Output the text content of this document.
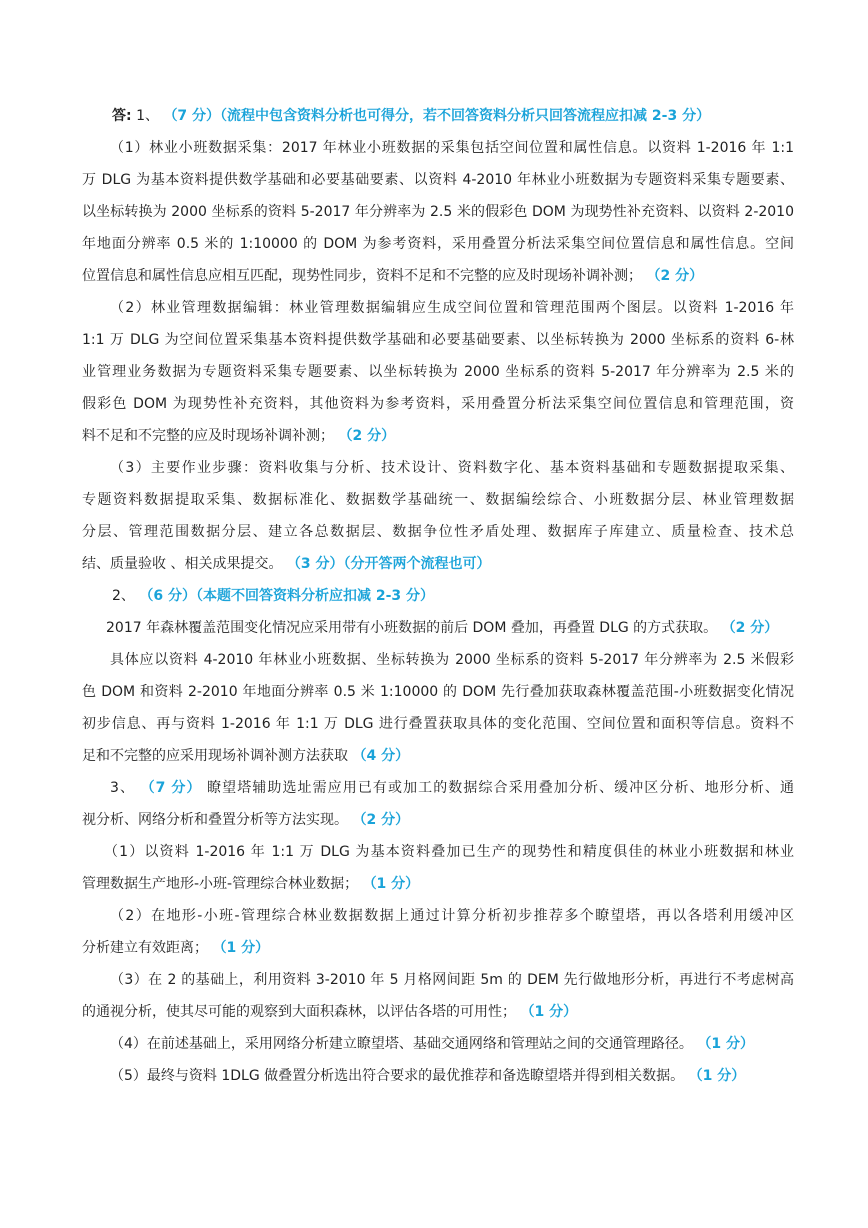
答: 1、 （7 分）（流程中包含资料分析也可得分，若不回答资料分析只回答流程应扣减 2-3 分）
（1）林业小班数据采集：2017 年林业小班数据的采集包括空间位置和属性信息。以资料 1-2016 年 1:1
万 DLG 为基本资料提供数学基础和必要基础要素、以资料 4-2010 年林业小班数据为专题资料采集专题要素、
以坐标转换为 2000 坐标系的资料 5-2017 年分辨率为 2.5 米的假彩色 DOM 为现势性补充资料、以资料 2-2010
年地面分辨率 0.5 米的 1:10000 的 DOM 为参考资料，采用叠置分析法采集空间位置信息和属性信息。空间
位置信息和属性信息应相互匹配，现势性同步，资料不足和不完整的应及时现场补调补测； （2 分）
（2）林业管理数据编辑：林业管理数据编辑应生成空间位置和管理范围两个图层。以资料 1-2016 年
1:1 万 DLG 为空间位置采集基本资料提供数学基础和必要基础要素、以坐标转换为 2000 坐标系的资料 6-林
业管理业务数据为专题资料采集专题要素、以坐标转换为 2000 坐标系的资料 5-2017 年分辨率为 2.5 米的
假彩色 DOM 为现势性补充资料，其他资料为参考资料，采用叠置分析法采集空间位置信息和管理范围，资
料不足和不完整的应及时现场补调补测； （2 分）
（3）主要作业步骤：资料收集与分析、技术设计、资料数字化、基本资料基础和专题数据提取采集、
专题资料数据提取采集、数据标准化、数据数学基础统一、数据编绘综合、小班数据分层、林业管理数据
分层、管理范围数据分层、建立各总数据层、数据争位性矛盾处理、数据库子库建立、质量检查、技术总
结、质量验收 、相关成果提交。 （3 分）（分开答两个流程也可）
2、 （6 分）（本题不回答资料分析应扣减 2-3 分）
2017 年森林覆盖范围变化情况应采用带有小班数据的前后 DOM 叠加，再叠置 DLG 的方式获取。 （2 分）
具体应以资料 4-2010 年林业小班数据、坐标转换为 2000 坐标系的资料 5-2017 年分辨率为 2.5 米假彩
色 DOM 和资料 2-2010 年地面分辨率 0.5 米 1:10000 的 DOM 先行叠加获取森林覆盖范围-小班数据变化情况
初步信息、再与资料 1-2016 年 1:1 万 DLG 进行叠置获取具体的变化范围、空间位置和面积等信息。资料不
足和不完整的应采用现场补调补测方法获取 （4 分）
3、 （7 分） 瞭望塔辅助选址需应用已有或加工的数据综合采用叠加分析、缓冲区分析、地形分析、通
视分析、网络分析和叠置分析等方法实现。 （2 分）
（1）以资料 1-2016 年 1:1 万 DLG 为基本资料叠加已生产的现势性和精度俱佳的林业小班数据和林业
管理数据生产地形-小班-管理综合林业数据； （1 分）
（2）在地形-小班-管理综合林业数据数据上通过计算分析初步推荐多个瞭望塔，再以各塔利用缓冲区
分析建立有效距离； （1 分）
（3）在 2 的基础上，利用资料 3-2010 年 5 月格网间距 5m 的 DEM 先行做地形分析，再进行不考虑树高
的通视分析，使其尽可能的观察到大面积森林，以评估各塔的可用性； （1 分）
（4）在前述基础上，采用网络分析建立瞭望塔、基础交通网络和管理站之间的交通管理路径。 （1 分）
（5）最终与资料 1DLG 做叠置分析选出符合要求的最优推荐和备选瞭望塔并得到相关数据。 （1 分）
